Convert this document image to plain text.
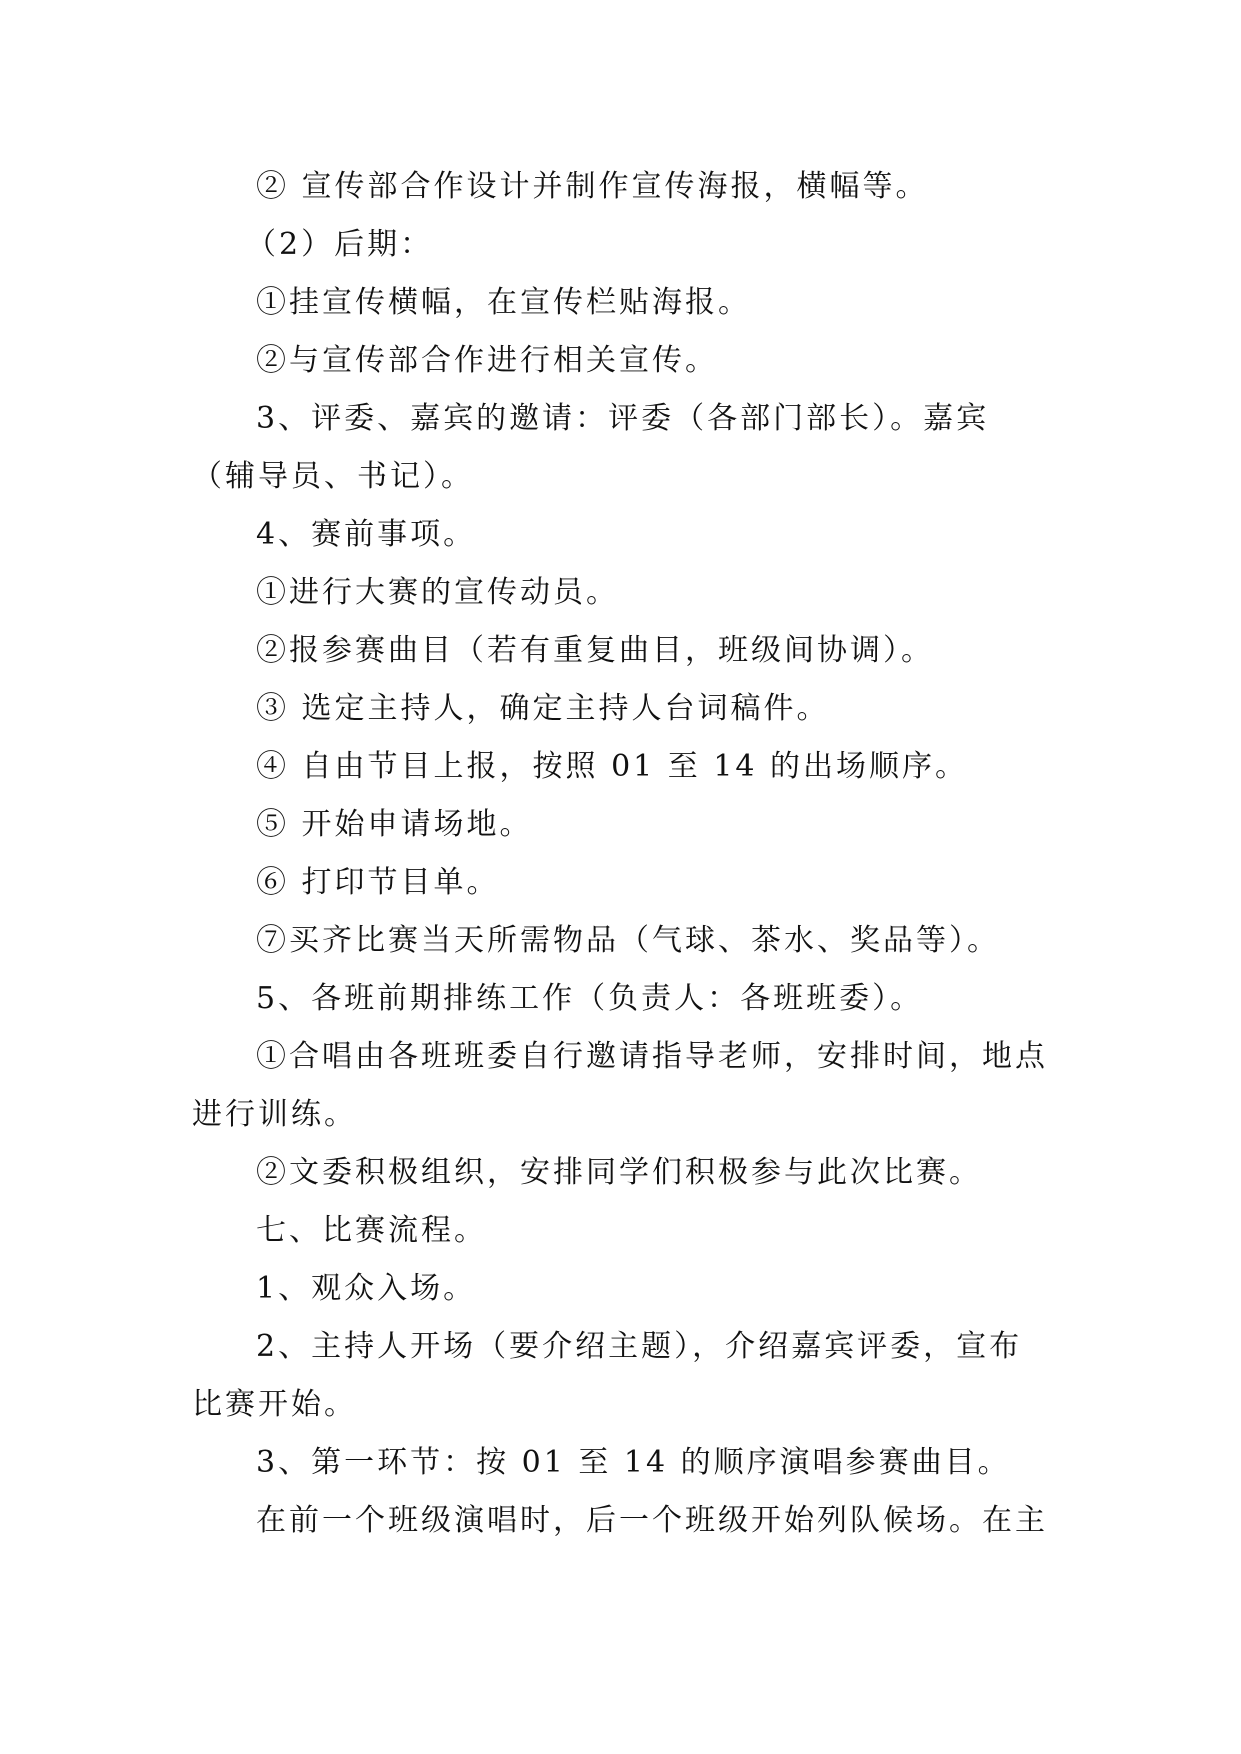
② 宣传部合作设计并制作宣传海报，横幅等。

（2）后期：

①挂宣传横幅，在宣传栏贴海报。

②与宣传部合作进行相关宣传。

3、评委、嘉宾的邀请：评委（各部门部长）。嘉宾（辅导员、书记）。

4、赛前事项。

①进行大赛的宣传动员。

②报参赛曲目（若有重复曲目，班级间协调）。

③ 选定主持人，确定主持人台词稿件。

④ 自由节目上报，按照 01 至 14 的出场顺序。

⑤ 开始申请场地。

⑥ 打印节目单。

⑦买齐比赛当天所需物品（气球、茶水、奖品等）。

5、各班前期排练工作（负责人：各班班委）。

①合唱由各班班委自行邀请指导老师，安排时间，地点进行训练。

②文委积极组织，安排同学们积极参与此次比赛。

七、比赛流程。

1、观众入场。

2、主持人开场（要介绍主题），介绍嘉宾评委，宣布比赛开始。

3、第一环节：按 01 至 14 的顺序演唱参赛曲目。

在前一个班级演唱时，后一个班级开始列队候场。在主
